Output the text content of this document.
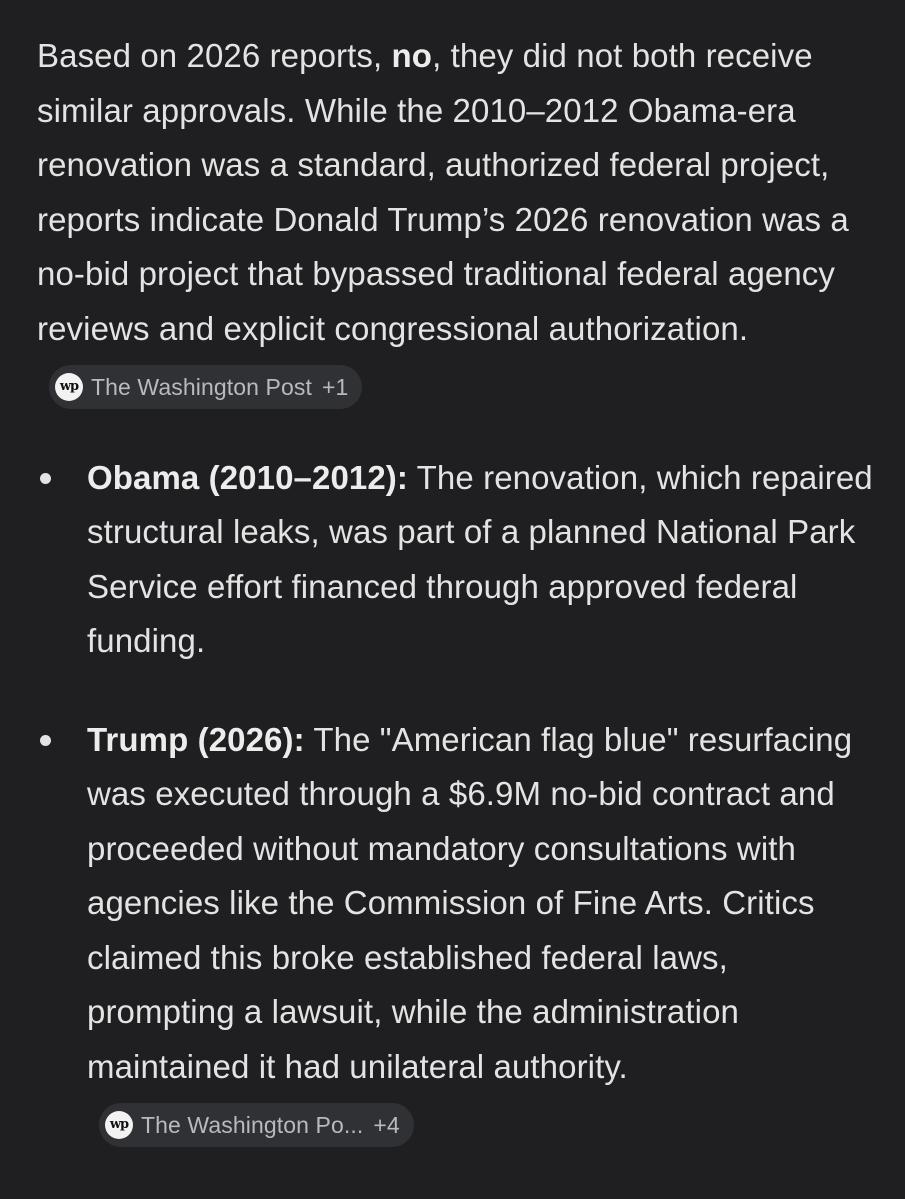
Based on 2026 reports, no, they did not both receive similar approvals. While the 2010–2012 Obama-era renovation was a standard, authorized federal project, reports indicate Donald Trump’s 2026 renovation was a no-bid project that bypassed traditional federal agency reviews and explicit congressional authorization.
wp The Washington Post +1

Obama (2010–2012): The renovation, which repaired structural leaks, was part of a planned National Park Service effort financed through approved federal funding.
Trump (2026): The "American flag blue" resurfacing was executed through a $6.9M no-bid contract and proceeded without mandatory consultations with agencies like the Commission of Fine Arts. Critics claimed this broke established federal laws, prompting a lawsuit, while the administration maintained it had unilateral authority.
wp The Washington Po... +4
